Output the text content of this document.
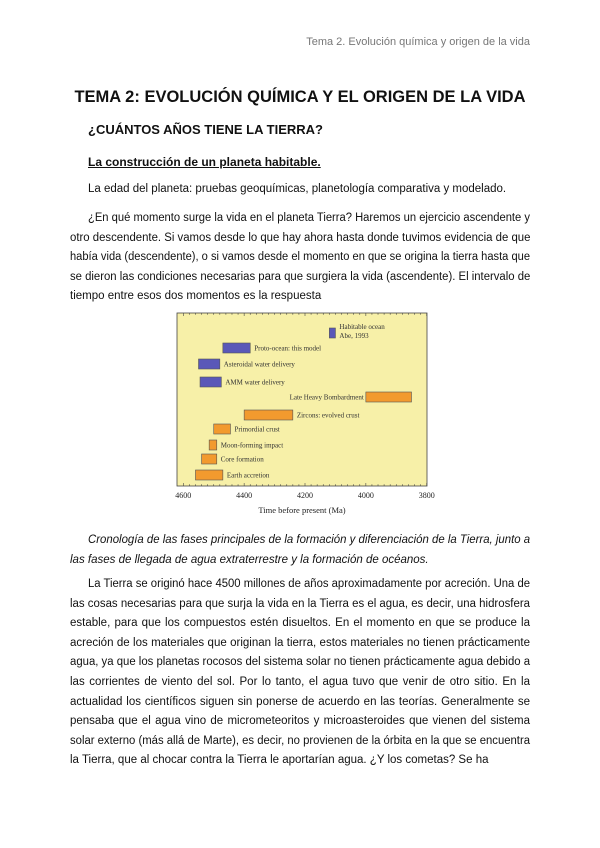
Tema 2. Evolución química y origen de la vida
TEMA 2: EVOLUCIÓN QUÍMICA Y EL ORIGEN DE LA VIDA
¿CUÁNTOS AÑOS TIENE LA TIERRA?
La construcción de un planeta habitable.
La edad del planeta: pruebas geoquímicas, planetología comparativa y modelado.
¿En qué momento surge la vida en el planeta Tierra? Haremos un ejercicio ascendente y
otro descendente. Si vamos desde lo que hay ahora hasta donde tuvimos evidencia de que
había vida (descendente), o si vamos desde el momento en que se origina la tierra hasta que
se dieron las condiciones necesarias para que surgiera la vida (ascendente). El intervalo de
tiempo entre esos dos momentos es la respuesta
4600	4400	4200	4000	3800
Time before present (Ma)
Habitable ocean
Abe, 1993
Proto-ocean: this model
Asteroidal water delivery
AMM water delivery
Late Heavy Bombardment
Zircons: evolved crust
Primordial crust
Moon-forming impact
Core formation
Earth accretion
Cronología de las fases principales de la formación y diferenciación de la Tierra, junto a
las fases de llegada de agua extraterrestre y la formación de océanos.
La Tierra se originó hace 4500 millones de años aproximadamente por acreción. Una de
las cosas necesarias para que surja la vida en la Tierra es el agua, es decir, una hidrosfera
estable, para que los compuestos estén disueltos. En el momento en que se produce la
acreción de los materiales que originan la tierra, estos materiales no tienen prácticamente
agua, ya que los planetas rocosos del sistema solar no tienen prácticamente agua debido a
las corrientes de viento del sol. Por lo tanto, el agua tuvo que venir de otro sitio. En la
actualidad los científicos siguen sin ponerse de acuerdo en las teorías. Generalmente se
pensaba que el agua vino de micrometeoritos y microasteroides que vienen del sistema
solar externo (más allá de Marte), es decir, no provienen de la órbita en la que se encuentra
la Tierra, que al chocar contra la Tierra le aportarían agua. ¿Y los cometas? Se ha
